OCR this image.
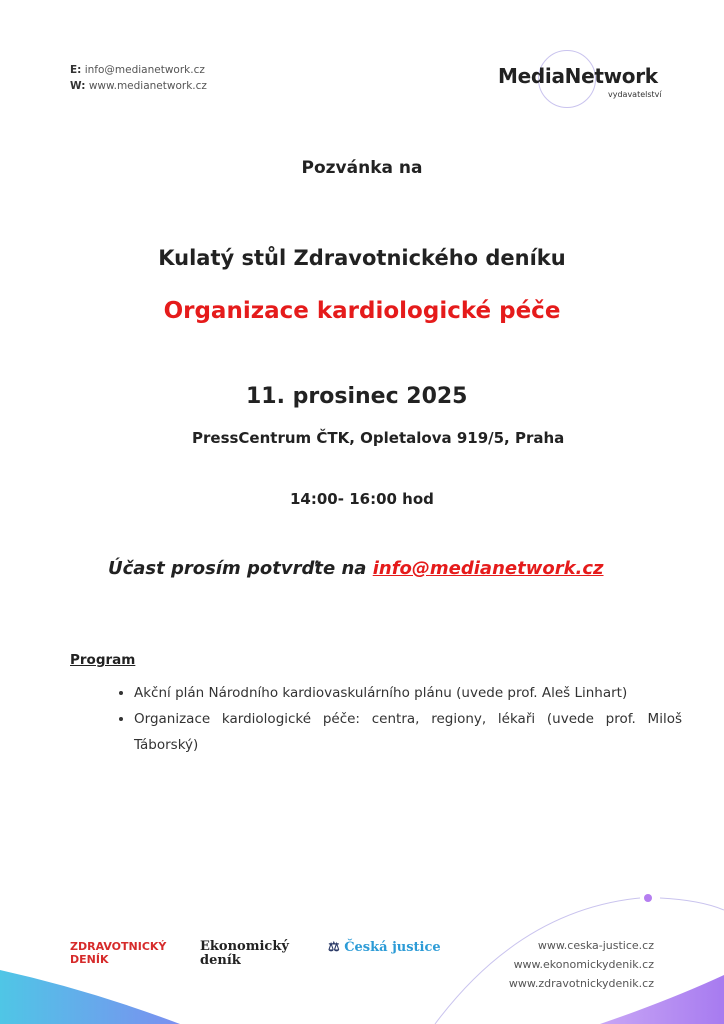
E: info@medianetwork.cz
W: www.medianetwork.cz	MediaNetwork
vydavatelství
Pozvánka na
Kulatý stůl Zdravotnického deníku
Organizace kardiologické péče
11. prosinec 2025
PressCentrum ČTK, Opletalova 919/5, Praha
14:00- 16:00 hod
Účast prosím potvrďte na info@medianetwork.cz
Program
• Akční plán Národního kardiovaskulárního plánu (uvede prof. Aleš Linhart)
• Organizace kardiologické péče: centra, regiony, lékaři (uvede prof. Miloš Táborský)
ZDRAVOTNICKÝ DENÍK
Ekonomický deník
⚖ Česká justice	www.ceska-justice.cz
www.ekonomickydenik.cz
www.zdravotnickydenik.cz
